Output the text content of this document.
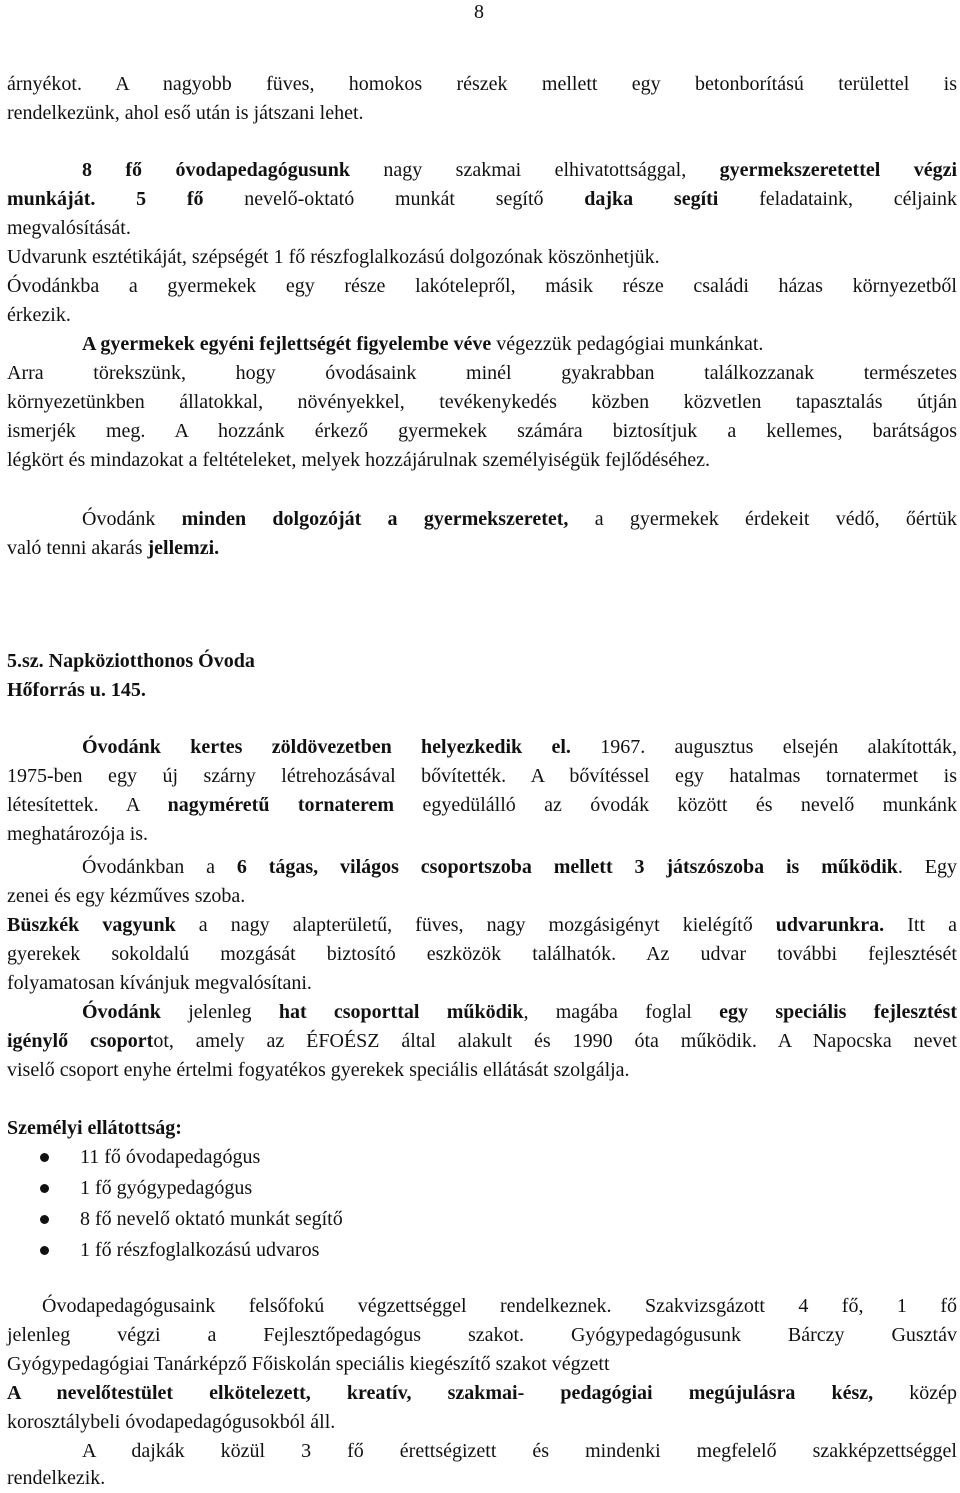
8
árnyékot. A nagyobb füves, homokos részek mellett egy betonborítású területtel is
rendelkezünk, ahol eső után is játszani lehet.
8 fő óvodapedagógusunk nagy szakmai elhivatottsággal, gyermekszeretettel végzi
munkáját. 5 fő nevelő-oktató munkát segítő dajka segíti feladataink, céljaink
megvalósítását.
Udvarunk esztétikáját, szépségét 1 fő részfoglalkozású dolgozónak köszönhetjük.
Óvodánkba a gyermekek egy része lakótelepről, másik része családi házas környezetből
érkezik.
A gyermekek egyéni fejlettségét figyelembe véve végezzük pedagógiai munkánkat.
Arra törekszünk, hogy óvodásaink minél gyakrabban találkozzanak természetes
környezetünkben állatokkal, növényekkel, tevékenykedés közben közvetlen tapasztalás útján
ismerjék meg. A hozzánk érkező gyermekek számára biztosítjuk a kellemes, barátságos
légkört és mindazokat a feltételeket, melyek hozzájárulnak személyiségük fejlődéséhez.
Óvodánk minden dolgozóját a gyermekszeretet, a gyermekek érdekeit védő, őértük
való tenni akarás jellemzi.
5.sz. Napköziotthonos Óvoda
Hőforrás u. 145.
Óvodánk kertes zöldövezetben helyezkedik el. 1967. augusztus elsején alakították,
1975-ben egy új szárny létrehozásával bővítették. A bővítéssel egy hatalmas tornatermet is
létesítettek. A nagyméretű tornaterem egyedülálló az óvodák között és nevelő munkánk
meghatározója is.
Óvodánkban a 6 tágas, világos csoportszoba mellett 3 játszószoba is működik. Egy
zenei és egy kézműves szoba.
Büszkék vagyunk a nagy alapterületű, füves, nagy mozgásigényt kielégítő udvarunkra. Itt a
gyerekek sokoldalú mozgását biztosító eszközök találhatók. Az udvar további fejlesztését
folyamatosan kívánjuk megvalósítani.
Óvodánk jelenleg hat csoporttal működik, magába foglal egy speciális fejlesztést
igénylő csoportot, amely az ÉFOÉSZ által alakult és 1990 óta működik. A Napocska nevet
viselő csoport enyhe értelmi fogyatékos gyerekek speciális ellátását szolgálja.
Személyi ellátottság:
11 fő óvodapedagógus
1 fő gyógypedagógus
8 fő nevelő oktató munkát segítő
1 fő részfoglalkozású udvaros
Óvodapedagógusaink felsőfokú végzettséggel rendelkeznek. Szakvizsgázott 4 fő, 1 fő
jelenleg végzi a Fejlesztőpedagógus szakot. Gyógypedagógusunk Bárczy Gusztáv
Gyógypedagógiai Tanárképző Főiskolán speciális kiegészítő szakot végzett
A nevelőtestület elkötelezett, kreatív, szakmai- pedagógiai megújulásra kész, közép
korosztálybeli óvodapedagógusokból áll.
A dajkák közül 3 fő érettségizett és mindenki megfelelő szakképzettséggel
rendelkezik.
